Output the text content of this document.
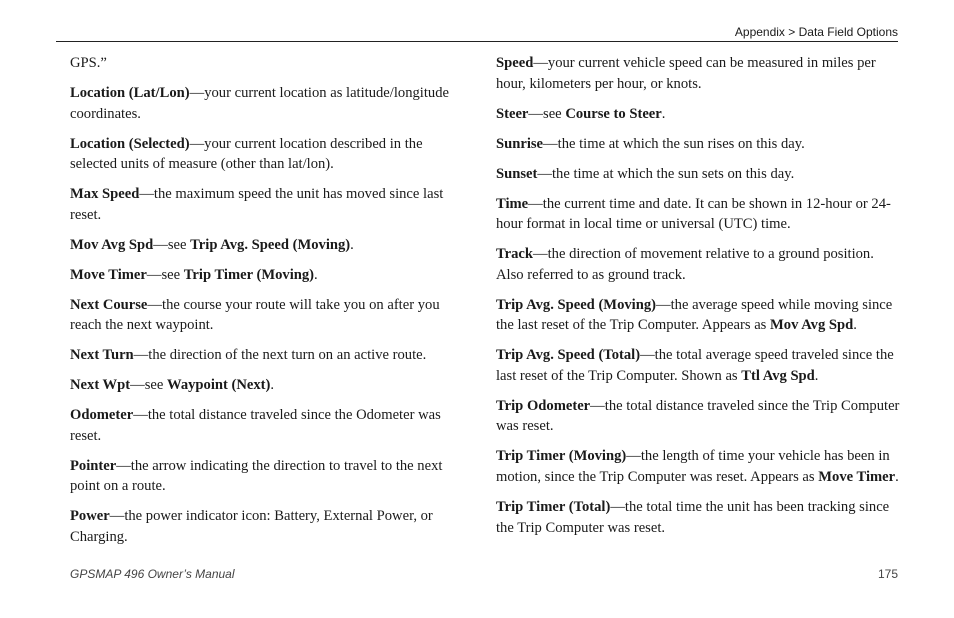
Appendix > Data Field Options

GPS.”

Location (Lat/Lon)—your current location as latitude/longitude coordinates.

Location (Selected)—your current location described in the selected units of measure (other than lat/lon).

Max Speed—the maximum speed the unit has moved since last reset.

Mov Avg Spd—see Trip Avg. Speed (Moving).

Move Timer—see Trip Timer (Moving).

Next Course—the course your route will take you on after you reach the next waypoint.

Next Turn—the direction of the next turn on an active route.

Next Wpt—see Waypoint (Next).

Odometer—the total distance traveled since the Odometer was reset.

Pointer—the arrow indicating the direction to travel to the next point on a route.

Power—the power indicator icon: Battery, External Power, or Charging.

Speed—your current vehicle speed can be measured in miles per hour, kilometers per hour, or knots.

Steer—see Course to Steer.

Sunrise—the time at which the sun rises on this day.

Sunset—the time at which the sun sets on this day.

Time—the current time and date. It can be shown in 12-hour or 24-hour format in local time or universal (UTC) time.

Track—the direction of movement relative to a ground position. Also referred to as ground track.

Trip Avg. Speed (Moving)—the average speed while moving since the last reset of the Trip Computer. Appears as Mov Avg Spd.

Trip Avg. Speed (Total)—the total average speed traveled since the last reset of the Trip Computer. Shown as Ttl Avg Spd.

Trip Odometer—the total distance traveled since the Trip Computer was reset.

Trip Timer (Moving)—the length of time your vehicle has been in motion, since the Trip Computer was reset. Appears as Move Timer.

Trip Timer (Total)—the total time the unit has been tracking since the Trip Computer was reset.

GPSMAP 496 Owner’s Manual	175
